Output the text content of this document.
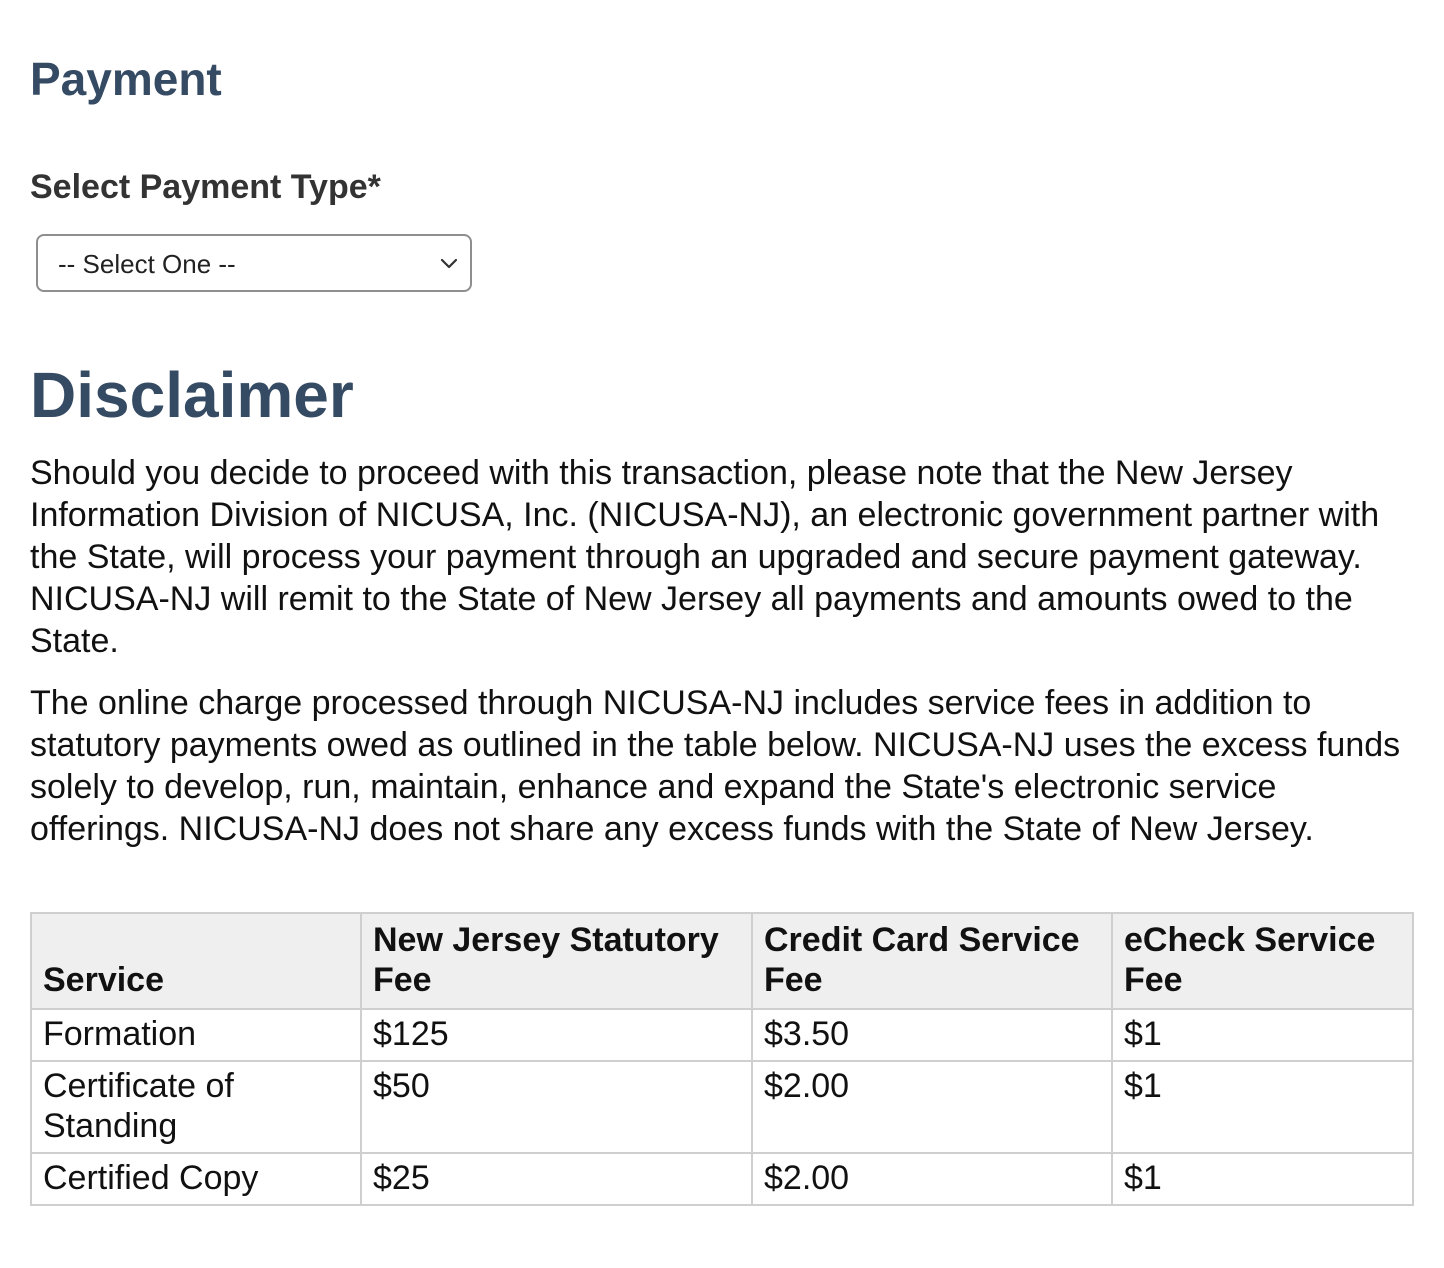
Payment
Select Payment Type*
-- Select One --
Disclaimer

Should you decide to proceed with this transaction, please note that the New Jersey Information Division of NICUSA, Inc. (NICUSA-NJ), an electronic government partner with the State, will process your payment through an upgraded and secure payment gateway. NICUSA-NJ will remit to the State of New Jersey all payments and amounts owed to the State.

The online charge processed through NICUSA-NJ includes service fees in addition to statutory payments owed as outlined in the table below. NICUSA-NJ uses the excess funds solely to develop, run, maintain, enhance and expand the State's electronic service offerings. NICUSA-NJ does not share any excess funds with the State of New Jersey.

Service	New Jersey Statutory Fee	Credit Card Service Fee	eCheck Service Fee
Formation	$125	$3.50	$1
Certificate of Standing	$50	$2.00	$1
Certified Copy	$25	$2.00	$1
